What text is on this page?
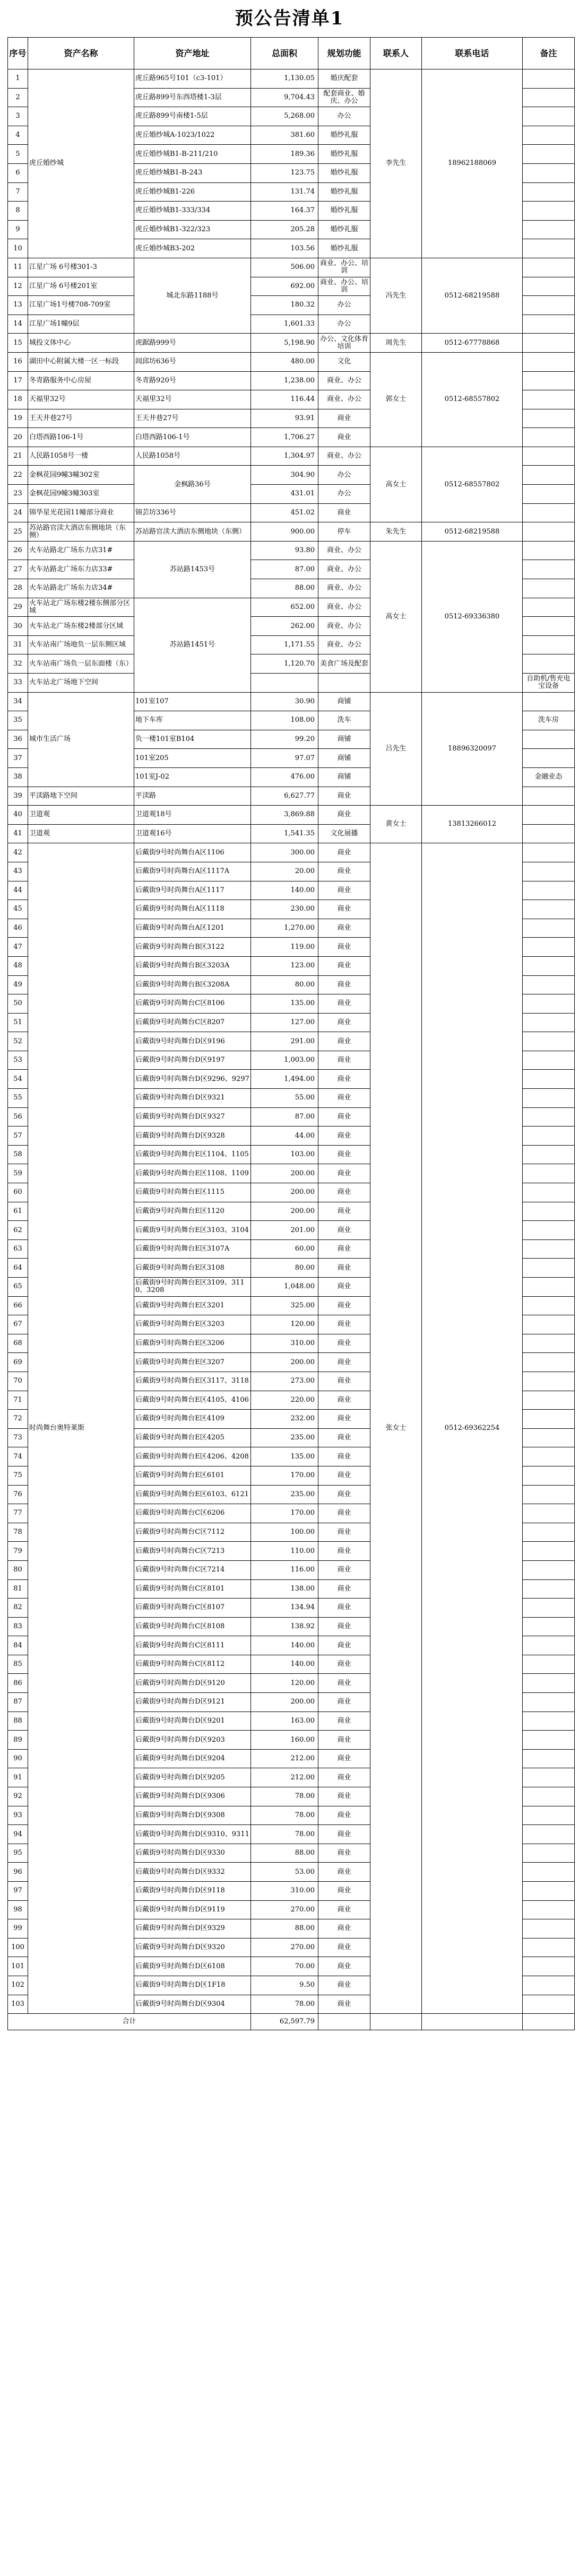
预公告清单1
序号	资产名称	资产地址	总面积	规划功能	联系人	联系电话	备注
1	虎丘婚纱城	虎丘路965号101（c3-101）	1,130.05	婚庆配套	李先生	18962188069	
2		虎丘路899号东西塔楼1-3层	9,704.43	配套商业、婚庆、办公			
3		虎丘路899号南楼1-5层	5,268.00	办公			
4		虎丘婚纱城A-1023/1022	381.60	婚纱礼服			
5		虎丘婚纱城B1-B-211/210	189.36	婚纱礼服			
6		虎丘婚纱城B1-B-243	123.75	婚纱礼服			
7		虎丘婚纱城B1-226	131.74	婚纱礼服			
8		虎丘婚纱城B1-333/334	164.37	婚纱礼服			
9		虎丘婚纱城B1-322/323	205.28	婚纱礼服			
10		虎丘婚纱城B3-202	103.56	婚纱礼服			
11	江星广场 6号楼301-3	城北东路1188号	506.00	商业、办公、培训	冯先生	0512-68219588	
12	江星广场 6号楼201室		692.00	商业、办公、培训			
13	江星广场1号楼708-709室		180.32	办公			
14	江星广场1幢9层		1,601.33	办公			
15	城投文体中心	虎踞路999号	5,198.90	办公、文化体育培训	周先生	0512-67778868	
16	湖田中心附属大楼一区一标段	闾邱坊636号	480.00	文化	郭女士	0512-68557802	
17	冬青路服务中心房屋	冬青路920号	1,238.00	商业、办公			
18	天福里32号	天福里32号	116.44	商业、办公			
19	王天井巷27号	王天井巷27号	93.91	商业			
20	白塔西路106-1号	白塔西路106-1号	1,706.27	商业			
21	人民路1058号一楼	人民路1058号	1,304.97	商业、办公	高女士	0512-68557802	
22	金枫花园9幢3幢302室	金枫路36号	304.90	办公			
23	金枫花园9幢3幢303室		431.01	办公			
24	锦华星光花园11幢部分商业	锦芸坊336号	451.02	商业			
25	苏站路官渎大酒店东侧地块（东侧）	苏站路官渎大酒店东侧地块（东侧）	900.00	停车	朱先生	0512-68219588	
26	火车站路北广场东力店31#	苏站路1453号	93.80	商业、办公	高女士	0512-69336380	
27	火车站路北广场东力店33#		87.00	商业、办公			
28	火车站路北广场东力店34#		88.00	商业、办公			
29	火车站北广场东楼2楼东侧部分区域	苏站路1451号	652.00	商业、办公			
30	火车站北广场东楼2楼部分区域		262.00	商业、办公			
31	火车站南广场地负一层东侧区域		1,171.55	商业、办公			
32	火车站南广场负一层东面楼（东）		1,120.70	美食广场及配套			
33	火车站北广场地下空间						自助机/售充电宝设备
34	城市生活广场	101室107	30.90	商铺	吕先生	18896320097	
35		地下车库	108.00	洗车			洗车房
36		负一楼101室B104	99.20	商铺			
37		101室205	97.07	商铺			
38		101室J-02	476.00	商铺			金融业态
39	平渎路地下空间	平渎路	6,627.77	商业			
40	卫道观	卫道观18号	3,869.88	商业	黄女士	13813266012	
41	卫道观	卫道观16号	1,541.35	文化展播			
42	时尚舞台奥特莱斯	后戴街9号时尚舞台A区1106	300.00	商业	张女士	0512-69362254	
43		后戴街9号时尚舞台A区1117A	20.00	商业			
44		后戴街9号时尚舞台A区1117	140.00	商业			
45		后戴街9号时尚舞台A区1118	230.00	商业			
46		后戴街9号时尚舞台A区1201	1,270.00	商业			
47		后戴街9号时尚舞台B区3122	119.00	商业			
48		后戴街9号时尚舞台B区3203A	123.00	商业			
49		后戴街9号时尚舞台B区3208A	80.00	商业			
50		后戴街9号时尚舞台C区8106	135.00	商业			
51		后戴街9号时尚舞台C区8207	127.00	商业			
52		后戴街9号时尚舞台D区9196	291.00	商业			
53		后戴街9号时尚舞台D区9197	1,003.00	商业			
54		后戴街9号时尚舞台D区9296、9297	1,494.00	商业			
55		后戴街9号时尚舞台D区9321	55.00	商业			
56		后戴街9号时尚舞台D区9327	87.00	商业			
57		后戴街9号时尚舞台D区9328	44.00	商业			
58		后戴街9号时尚舞台E区1104、1105	103.00	商业			
59		后戴街9号时尚舞台E区1108、1109	200.00	商业			
60		后戴街9号时尚舞台E区1115	200.00	商业			
61		后戴街9号时尚舞台E区1120	200.00	商业			
62		后戴街9号时尚舞台E区3103、3104	201.00	商业			
63		后戴街9号时尚舞台E区3107A	60.00	商业			
64		后戴街9号时尚舞台E区3108	80.00	商业			
65		后戴街9号时尚舞台E区3109、3110、3208	1,048.00	商业			
66		后戴街9号时尚舞台E区3201	325.00	商业			
67		后戴街9号时尚舞台E区3203	120.00	商业			
68		后戴街9号时尚舞台E区3206	310.00	商业			
69		后戴街9号时尚舞台E区3207	200.00	商业			
70		后戴街9号时尚舞台E区3117、3118	273.00	商业			
71		后戴街9号时尚舞台E区4105、4106	220.00	商业			
72		后戴街9号时尚舞台E区4109	232.00	商业			
73		后戴街9号时尚舞台E区4205	235.00	商业			
74		后戴街9号时尚舞台E区4206、4208	135.00	商业			
75		后戴街9号时尚舞台E区6101	170.00	商业			
76		后戴街9号时尚舞台E区6103、6121	235.00	商业			
77		后戴街9号时尚舞台C区6206	170.00	商业			
78		后戴街9号时尚舞台C区7112	100.00	商业			
79		后戴街9号时尚舞台C区7213	110.00	商业			
80		后戴街9号时尚舞台C区7214	116.00	商业			
81		后戴街9号时尚舞台C区8101	138.00	商业			
82		后戴街9号时尚舞台C区8107	134.94	商业			
83		后戴街9号时尚舞台C区8108	138.92	商业			
84		后戴街9号时尚舞台C区8111	140.00	商业			
85		后戴街9号时尚舞台C区8112	140.00	商业			
86		后戴街9号时尚舞台D区9120	120.00	商业			
87		后戴街9号时尚舞台D区9121	200.00	商业			
88		后戴街9号时尚舞台D区9201	163.00	商业			
89		后戴街9号时尚舞台D区9203	160.00	商业			
90		后戴街9号时尚舞台D区9204	212.00	商业			
91		后戴街9号时尚舞台D区9205	212.00	商业			
92		后戴街9号时尚舞台D区9306	78.00	商业			
93		后戴街9号时尚舞台D区9308	78.00	商业			
94		后戴街9号时尚舞台D区9310、9311	78.00	商业			
95		后戴街9号时尚舞台D区9330	88.00	商业			
96		后戴街9号时尚舞台D区9332	53.00	商业			
97		后戴街9号时尚舞台D区9118	310.00	商业			
98		后戴街9号时尚舞台D区9119	270.00	商业			
99		后戴街9号时尚舞台D区9329	88.00	商业			
100		后戴街9号时尚舞台D区9320	270.00	商业			
101		后戴街9号时尚舞台D区6108	70.00	商业			
102		后戴街9号时尚舞台D区1F18	9.50	商业			
103		后戴街9号时尚舞台D区9304	78.00	商业			
合计			62,597.79				
